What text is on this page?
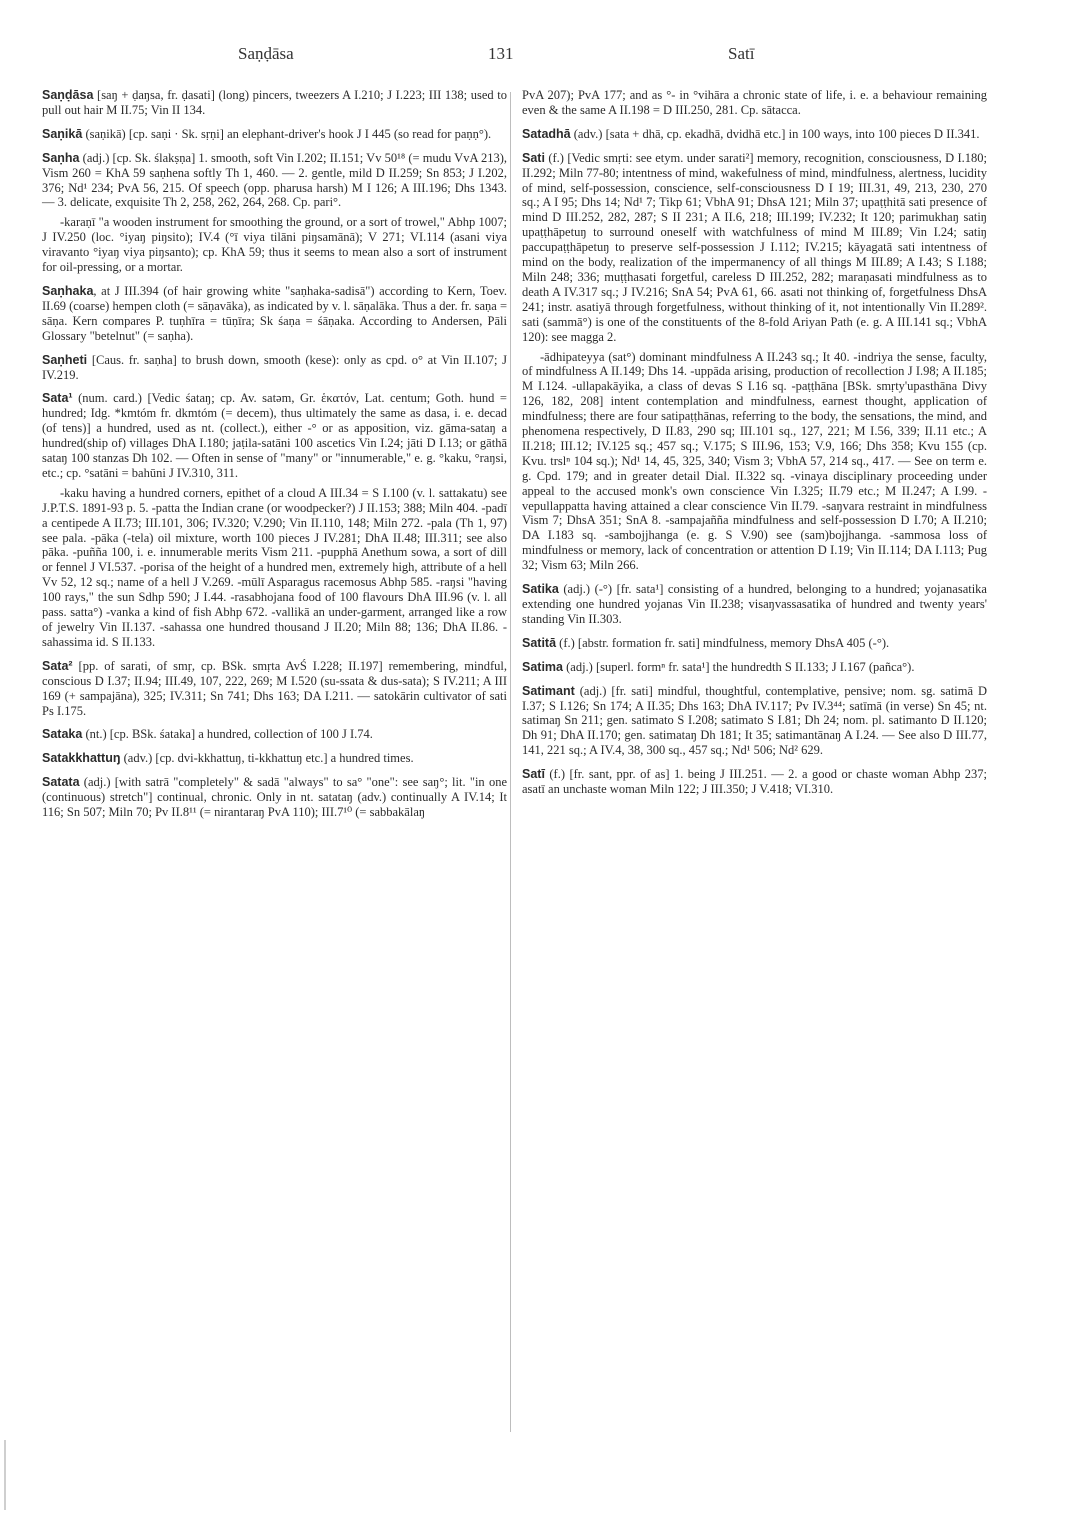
Saṇḍāsa	131	Satī

Saṇḍāsa [saŋ + ḍaŋsa, fr. ḍasati] (long) pincers, tweezers A I.210; J I.223; III 138; used to pull out hair M II.75; Vin II 134.

Saṇikā (saṇikā) [cp. saṇi · Sk. sṛṇi] an elephant-driver's hook J I 445 (so read for paṇṇ°).

Saṇha (adj.) [cp. Sk. ślakṣṇa] 1. smooth, soft Vin I.202; II.151; Vv 50¹⁸ (= mudu VvA 213), Vism 260 = KhA 59 saṇhena softly Th 1, 460. — 2. gentle, mild D II.259; Sn 853; J I.202, 376; Nd¹ 234; PvA 56, 215. Of speech (opp. pharusa harsh) M I 126; A III.196; Dhs 1343. — 3. delicate, exquisite Th 2, 258, 262, 264, 268. Cp. pari°.

-karaṇī "a wooden instrument for smoothing the ground, or a sort of trowel," Abhp 1007; J IV.250 (loc. °iyaŋ piŋsito); IV.4 (°ī viya tilāni piŋsamānā); V 271; VI.114 (asani viya viravanto °iyaŋ viya piŋsanto); cp. KhA 59; thus it seems to mean also a sort of instrument for oil-pressing, or a mortar.

Saṇhaka, at J III.394 (of hair growing white "saṇhaka-sadisā") according to Kern, Toev. II.69 (coarse) hempen cloth (= sāṇavāka), as indicated by v. l. sāṇalāka. Thus a der. fr. saṇa = sāṇa. Kern compares P. tuṇhīra = tūṇīra; Sk śaṇa = śāṇaka. According to Andersen, Pāli Glossary "betelnut" (= saṇha).

Saṇheti [Caus. fr. saṇha] to brush down, smooth (kese): only as cpd. o° at Vin II.107; J IV.219.

Sata¹ (num. card.) [Vedic śataŋ; cp. Av. satəm, Gr. ἑκατόν, Lat. centum; Goth. hund = hundred; Idg. *kmtóm fr. dkmtóm (= decem), thus ultimately the same as dasa, i. e. decad (of tens)] a hundred, used as nt. (collect.), either -° or as apposition, viz. gāma-sataŋ a hundred(ship of) villages DhA I.180; jaṭila-satāni 100 ascetics Vin I.24; jāti D I.13; or gāthā sataŋ 100 stanzas Dh 102. — Often in sense of "many" or "innumerable," e. g. °kaku, °raŋsi, etc.; cp. °satāni = bahūni J IV.310, 311.

-kaku having a hundred corners, epithet of a cloud A III.34 = S I.100 (v. l. sattakatu) see J.P.T.S. 1891-93 p. 5. -patta the Indian crane (or woodpecker?) J II.153; 388; Miln 404. -padī a centipede A II.73; III.101, 306; IV.320; V.290; Vin II.110, 148; Miln 272. -pala (Th 1, 97) see pala. -pāka (-tela) oil mixture, worth 100 pieces J IV.281; DhA II.48; III.311; see also pāka. -puñña 100, i. e. innumerable merits Vism 211. -pupphā Anethum sowa, a sort of dill or fennel J VI.537. -porisa of the height of a hundred men, extremely high, attribute of a hell Vv 52, 12 sq.; name of a hell J V.269. -mūlī Asparagus racemosus Abhp 585. -raŋsi "having 100 rays," the sun Sdhp 590; J I.44. -rasabhojana food of 100 flavours DhA III.96 (v. l. all pass. satta°) -vanka a kind of fish Abhp 672. -vallikā an under-garment, arranged like a row of jewelry Vin II.137. -sahassa one hundred thousand J II.20; Miln 88; 136; DhA II.86. -sahassima id. S II.133.

Sata² [pp. of sarati, of smṛ, cp. BSk. smṛta AvŚ I.228; II.197] remembering, mindful, conscious D I.37; II.94; III.49, 107, 222, 269; M I.520 (su-ssata & dus-sata); S IV.211; A III 169 (+ sampajāna), 325; IV.311; Sn 741; Dhs 163; DA I.211. — satokārin cultivator of sati Ps I.175.

Sataka (nt.) [cp. BSk. śataka] a hundred, collection of 100 J I.74.

Satakkhattuŋ (adv.) [cp. dvi-kkhattuŋ, ti-kkhattuŋ etc.] a hundred times.

Satata (adj.) [with satrā "completely" & sadā "always" to sa° "one": see saŋ°; lit. "in one (continuous) stretch"] continual, chronic. Only in nt. satataŋ (adv.) continually A IV.14; It 116; Sn 507; Miln 70; Pv II.8¹¹ (= nirantaraŋ PvA 110); III.7¹⁰ (= sabbakālaŋ

PvA 207); PvA 177; and as °- in °vihāra a chronic state of life, i. e. a behaviour remaining even & the same A II.198 = D III.250, 281. Cp. sātacca.

Satadhā (adv.) [sata + dhā, cp. ekadhā, dvidhā etc.] in 100 ways, into 100 pieces D II.341.

Sati (f.) [Vedic smṛti: see etym. under sarati²] memory, recognition, consciousness, D I.180; II.292; Miln 77-80; intentness of mind, wakefulness of mind, mindfulness, alertness, lucidity of mind, self-possession, conscience, self-consciousness D I 19; III.31, 49, 213, 230, 270 sq.; A I 95; Dhs 14; Nd¹ 7; Tikp 61; VbhA 91; DhsA 121; Miln 37; upaṭṭhitā sati presence of mind D III.252, 282, 287; S II 231; A II.6, 218; III.199; IV.232; It 120; parimukhaŋ satiŋ upaṭṭhāpetuŋ to surround oneself with watchfulness of mind M III.89; Vin I.24; satiŋ paccupaṭṭhāpetuŋ to preserve self-possession J I.112; IV.215; kāyagatā sati intentness of mind on the body, realization of the impermanency of all things M III.89; A I.43; S I.188; Miln 248; 336; muṭṭhasati forgetful, careless D III.252, 282; maraṇasati mindfulness as to death A IV.317 sq.; J IV.216; SnA 54; PvA 61, 66. asati not thinking of, forgetfulness DhsA 241; instr. asatiyā through forgetfulness, without thinking of it, not intentionally Vin II.289². sati (sammā°) is one of the constituents of the 8-fold Ariyan Path (e. g. A III.141 sq.; VbhA 120): see magga 2.

-ādhipateyya (sat°) dominant mindfulness A II.243 sq.; It 40. -indriya the sense, faculty, of mindfulness A II.149; Dhs 14. -uppāda arising, production of recollection J I.98; A II.185; M I.124. -ullapakāyika, a class of devas S I.16 sq. -paṭṭhāna [BSk. smṛty'upasthāna Divy 126, 182, 208] intent contemplation and mindfulness, earnest thought, application of mindfulness; there are four satipaṭṭhānas, referring to the body, the sensations, the mind, and phenomena respectively, D II.83, 290 sq; III.101 sq., 127, 221; M I.56, 339; II.11 etc.; A II.218; III.12; IV.125 sq.; 457 sq.; V.175; S III.96, 153; V.9, 166; Dhs 358; Kvu 155 (cp. Kvu. trslⁿ 104 sq.); Nd¹ 14, 45, 325, 340; Vism 3; VbhA 57, 214 sq., 417. — See on term e. g. Cpd. 179; and in greater detail Dial. II.322 sq. -vinaya disciplinary proceeding under appeal to the accused monk's own conscience Vin I.325; II.79 etc.; M II.247; A I.99. -vepullappatta having attained a clear conscience Vin II.79. -saŋvara restraint in mindfulness Vism 7; DhsA 351; SnA 8. -sampajañña mindfulness and self-possession D I.70; A II.210; DA I.183 sq. -sambojjhanga (e. g. S V.90) see (sam)bojjhanga. -sammosa loss of mindfulness or memory, lack of concentration or attention D I.19; Vin II.114; DA I.113; Pug 32; Vism 63; Miln 266.

Satika (adj.) (-°) [fr. sata¹] consisting of a hundred, belonging to a hundred; yojanasatika extending one hundred yojanas Vin II.238; visaŋvassasatika of hundred and twenty years' standing Vin II.303.

Satitā (f.) [abstr. formation fr. sati] mindfulness, memory DhsA 405 (-°).

Satima (adj.) [superl. formⁿ fr. sata¹] the hundredth S II.133; J I.167 (pañca°).

Satimant (adj.) [fr. sati] mindful, thoughtful, contemplative, pensive; nom. sg. satimā D I.37; S I.126; Sn 174; A II.35; Dhs 163; DhA IV.117; Pv IV.3⁴⁴; satīmā (in verse) Sn 45; nt. satimaŋ Sn 211; gen. satimato S I.208; satimato S I.81; Dh 24; nom. pl. satimanto D II.120; Dh 91; DhA II.170; gen. satimataŋ Dh 181; It 35; satimantānaŋ A I.24. — See also D III.77, 141, 221 sq.; A IV.4, 38, 300 sq., 457 sq.; Nd¹ 506; Nd² 629.

Satī (f.) [fr. sant, ppr. of as] 1. being J III.251. — 2. a good or chaste woman Abhp 237; asatī an unchaste woman Miln 122; J III.350; J V.418; VI.310.
